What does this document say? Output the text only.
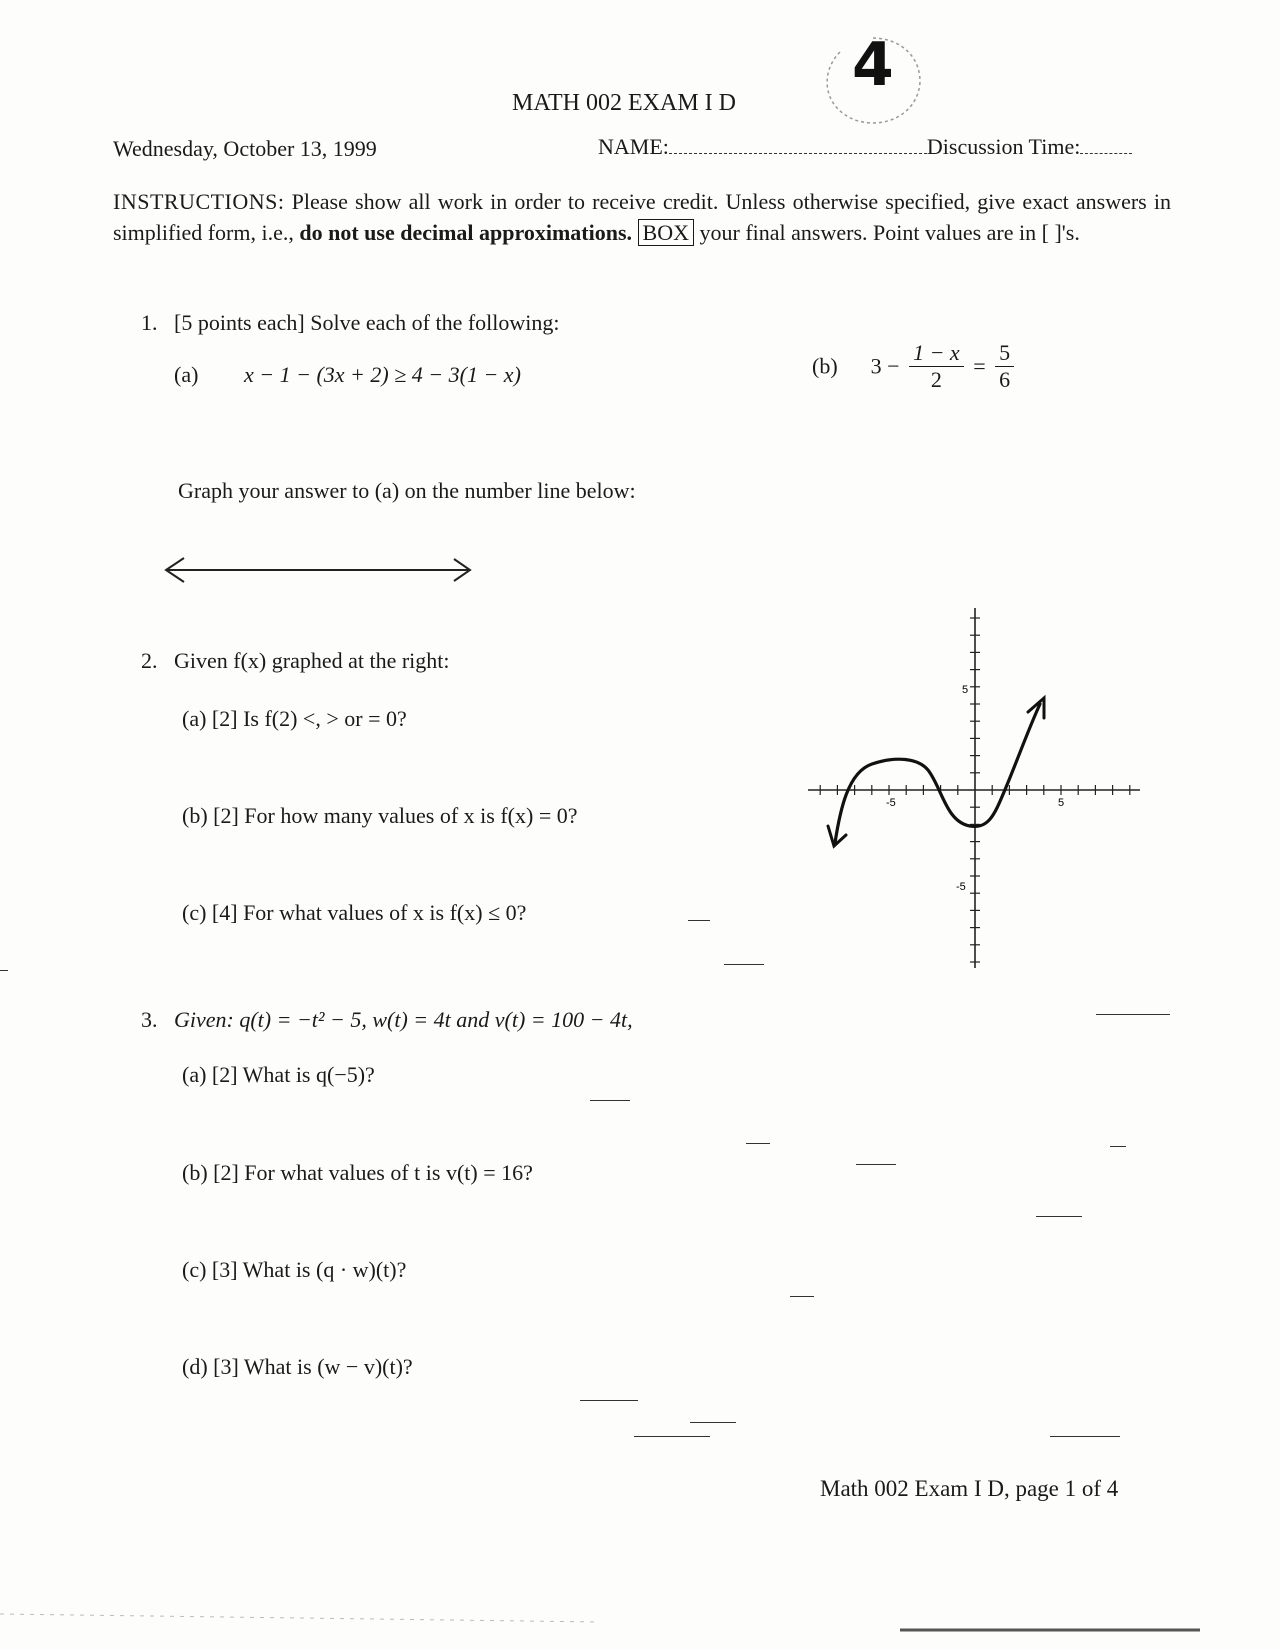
MATH 002 EXAM I D
4
Wednesday, October 13, 1999	NAME:	Discussion Time:
INSTRUCTIONS: Please show all work in order to receive credit. Unless otherwise specified, give exact answers in simplified form, i.e., do not use decimal approximations. BOX your final answers. Point values are in [ ]'s.
1. [5 points each] Solve each of the following:
(a) x − 1 − (3x + 2) ≥ 4 − 3(1 − x)	(b) $3 - \frac{1 - x}{2} = \frac{5}{6}$
Graph your answer to (a) on the number line below:
2. Given f(x) graphed at the right:
(a) [2] Is f(2) <, > or = 0?
(b) [2] For how many values of x is f(x) = 0?
(c) [4] For what values of x is f(x) ≤ 0?
-5	5
5
-5
3. Given: q(t) = −t² − 5, w(t) = 4t and v(t) = 100 − 4t,
(a) [2] What is q(−5)?
(b) [2] For what values of t is v(t) = 16?
(c) [3] What is (q · w)(t)?
(d) [3] What is (w − v)(t)?
Math 002 Exam I D, page 1 of 4
